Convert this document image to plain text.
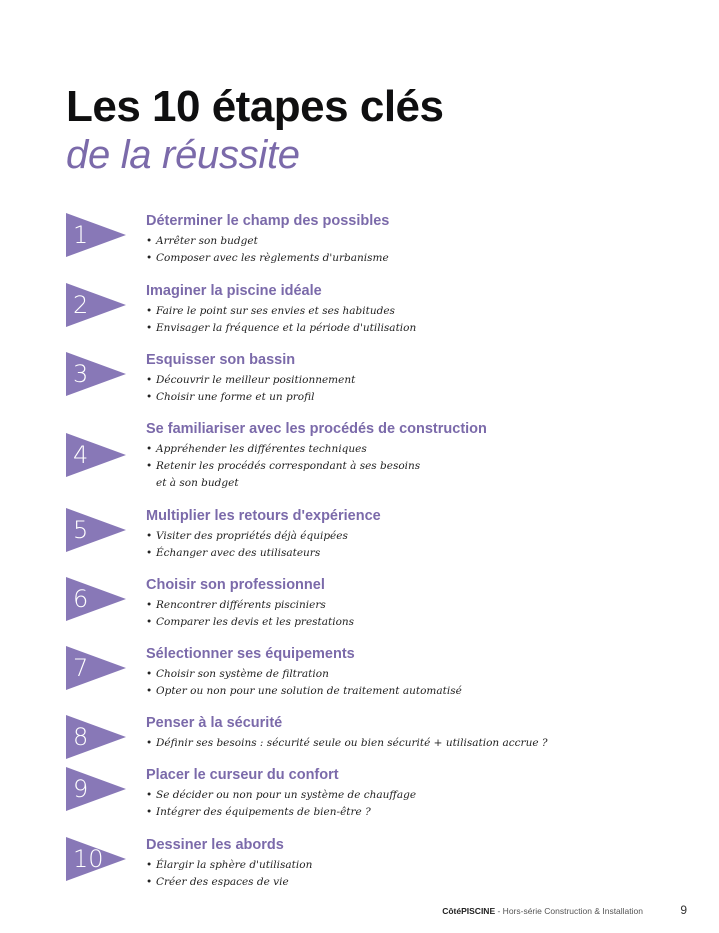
Les 10 étapes clés
de la réussite
1	Déterminer le champ des possibles
• Arrêter son budget
• Composer avec les règlements d'urbanisme
2	Imaginer la piscine idéale
• Faire le point sur ses envies et ses habitudes
• Envisager la fréquence et la période d'utilisation
3	Esquisser son bassin
• Découvrir le meilleur positionnement
• Choisir une forme et un profil
4
Se familiariser avec les procédés de construction
• Appréhender les différentes techniques
• Retenir les procédés correspondant à ses besoins
et à son budget
5	Multiplier les retours d'expérience
• Visiter des propriétés déjà équipées
• Échanger avec des utilisateurs
6	Choisir son professionnel
• Rencontrer différents pisciniers
• Comparer les devis et les prestations
7	Sélectionner ses équipements
• Choisir son système de filtration
• Opter ou non pour une solution de traitement automatisé
8	Penser à la sécurité
• Définir ses besoins : sécurité seule ou bien sécurité + utilisation accrue ?
9	Placer le curseur du confort
• Se décider ou non pour un système de chauffage
• Intégrer des équipements de bien-être ?
10	Dessiner les abords
• Élargir la sphère d'utilisation
• Créer des espaces de vie
CôtéPISCINE - Hors-série Construction & Installation	9
